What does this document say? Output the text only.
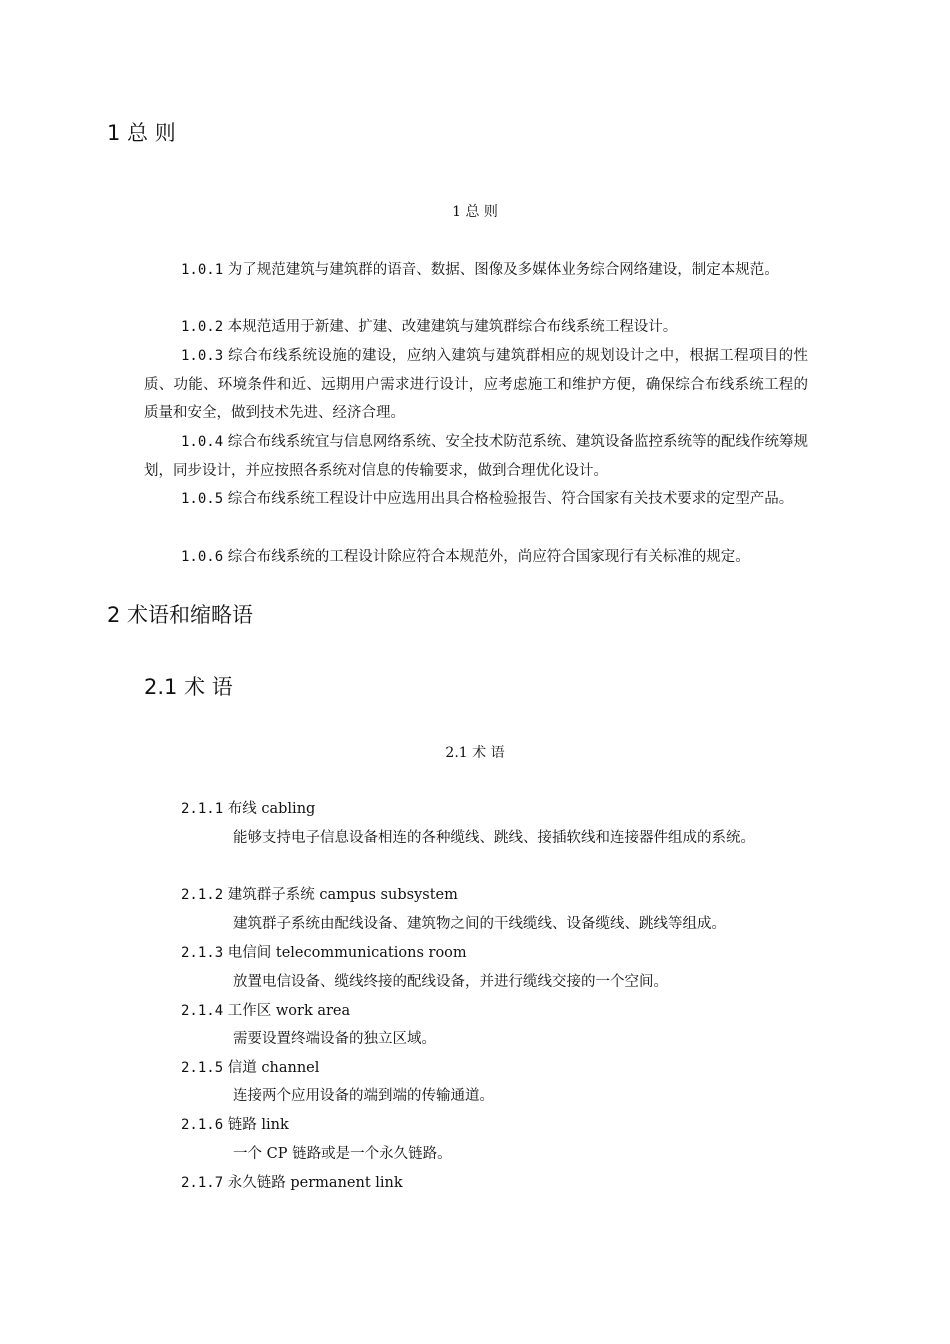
1 总 则
1 总 则

1.0.1 为了规范建筑与建筑群的语音、数据、图像及多媒体业务综合网络建设，制定本规范。

1.0.2 本规范适用于新建、扩建、改建建筑与建筑群综合布线系统工程设计。

1.0.3 综合布线系统设施的建设，应纳入建筑与建筑群相应的规划设计之中，根据工程项目的性质、功能、环境条件和近、远期用户需求进行设计，应考虑施工和维护方便，确保综合布线系统工程的质量和安全，做到技术先进、经济合理。

1.0.4 综合布线系统宜与信息网络系统、安全技术防范系统、建筑设备监控系统等的配线作统筹规划，同步设计，并应按照各系统对信息的传输要求，做到合理优化设计。

1.0.5 综合布线系统工程设计中应选用出具合格检验报告、符合国家有关技术要求的定型产品。

1.0.6 综合布线系统的工程设计除应符合本规范外，尚应符合国家现行有关标准的规定。

2 术语和缩略语
2.1 术 语
2.1 术 语
2.1.1 布线 cabling

能够支持电子信息设备相连的各种缆线、跳线、接插软线和连接器件组成的系统。

2.1.2 建筑群子系统 campus subsystem

建筑群子系统由配线设备、建筑物之间的干线缆线、设备缆线、跳线等组成。

2.1.3 电信间 telecommunications room

放置电信设备、缆线终接的配线设备，并进行缆线交接的一个空间。

2.1.4 工作区 work area

需要设置终端设备的独立区域。

2.1.5 信道 channel

连接两个应用设备的端到端的传输通道。

2.1.6 链路 link

一个 CP 链路或是一个永久链路。

2.1.7 永久链路 permanent link
